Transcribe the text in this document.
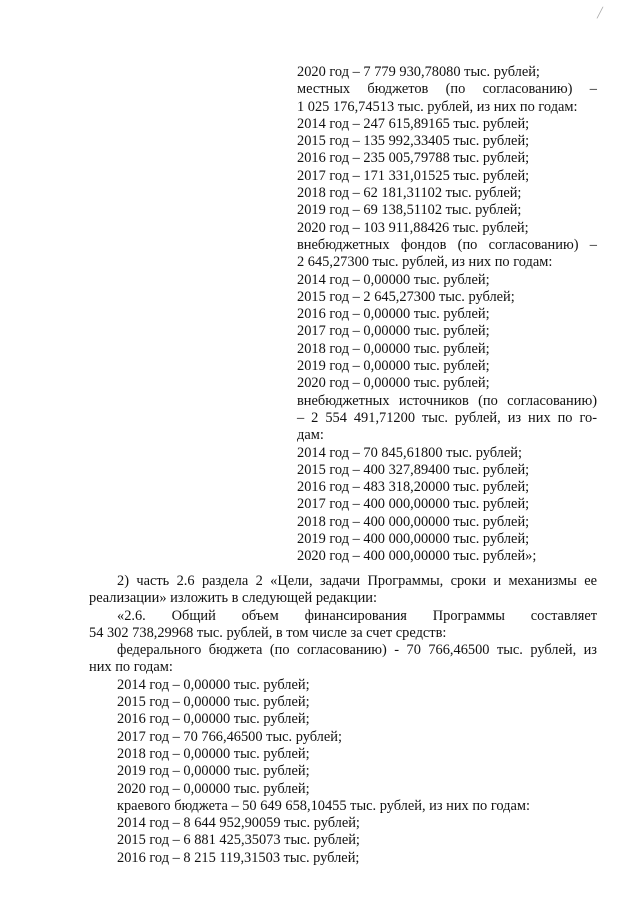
╱
2020 год – 7 779 930,78080 тыс. рублей;
местных бюджетов (по согласованию) –
1 025 176,74513 тыс. рублей, из них по годам:
2014 год – 247 615,89165 тыс. рублей;
2015 год – 135 992,33405 тыс. рублей;
2016 год – 235 005,79788 тыс. рублей;
2017 год – 171 331,01525 тыс. рублей;
2018 год – 62 181,31102 тыс. рублей;
2019 год – 69 138,51102 тыс. рублей;
2020 год – 103 911,88426 тыс. рублей;
внебюджетных фондов (по согласованию) –
2 645,27300 тыс. рублей, из них по годам:
2014 год – 0,00000 тыс. рублей;
2015 год – 2 645,27300 тыс. рублей;
2016 год – 0,00000 тыс. рублей;
2017 год – 0,00000 тыс. рублей;
2018 год – 0,00000 тыс. рублей;
2019 год – 0,00000 тыс. рублей;
2020 год – 0,00000 тыс. рублей;
внебюджетных источников (по согласованию)
– 2 554 491,71200 тыс. рублей, из них по го-
дам:
2014 год – 70 845,61800 тыс. рублей;
2015 год – 400 327,89400 тыс. рублей;
2016 год – 483 318,20000 тыс. рублей;
2017 год – 400 000,00000 тыс. рублей;
2018 год – 400 000,00000 тыс. рублей;
2019 год – 400 000,00000 тыс. рублей;
2020 год – 400 000,00000 тыс. рублей»;
2) часть 2.6 раздела 2 «Цели, задачи Программы, сроки и механизмы ее
реализации» изложить в следующей редакции:
«2.6. Общий объем финансирования Программы составляет
54 302 738,29968 тыс. рублей, в том числе за счет средств:
федерального бюджета (по согласованию) - 70 766,46500 тыс. рублей, из
них по годам:
2014 год – 0,00000 тыс. рублей;
2015 год – 0,00000 тыс. рублей;
2016 год – 0,00000 тыс. рублей;
2017 год – 70 766,46500 тыс. рублей;
2018 год – 0,00000 тыс. рублей;
2019 год – 0,00000 тыс. рублей;
2020 год – 0,00000 тыс. рублей;
краевого бюджета – 50 649 658,10455 тыс. рублей, из них по годам:
2014 год – 8 644 952,90059 тыс. рублей;
2015 год – 6 881 425,35073 тыс. рублей;
2016 год – 8 215 119,31503 тыс. рублей;
